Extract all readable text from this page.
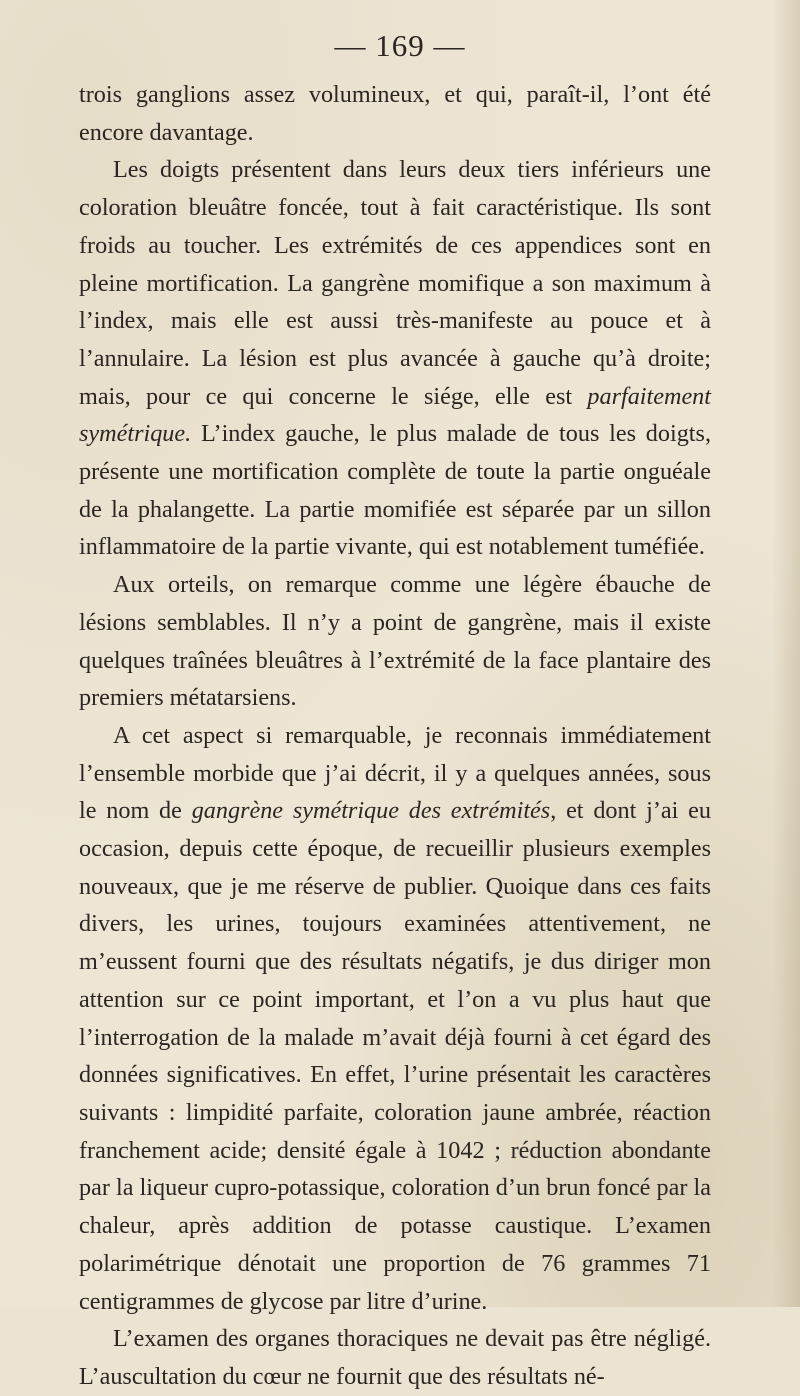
— 169 —

trois ganglions assez volumineux, et qui, paraît-il, l’ont été encore davantage.

Les doigts présentent dans leurs deux tiers inférieurs une coloration bleuâtre foncée, tout à fait caractéristique. Ils sont froids au toucher. Les extrémités de ces appendices sont en pleine mortification. La gangrène momifique a son maximum à l’index, mais elle est aussi très-manifeste au pouce et à l’annulaire. La lésion est plus avancée à gauche qu’à droite; mais, pour ce qui concerne le siége, elle est parfaitement symétrique. L’index gauche, le plus malade de tous les doigts, présente une mortification complète de toute la partie onguéale de la phalangette. La partie momifiée est séparée par un sillon inflammatoire de la partie vivante, qui est notablement tuméfiée.

Aux orteils, on remarque comme une légère ébauche de lésions semblables. Il n’y a point de gangrène, mais il existe quelques traînées bleuâtres à l’extrémité de la face plantaire des premiers métatarsiens.

A cet aspect si remarquable, je reconnais immédiatement l’ensemble morbide que j’ai décrit, il y a quelques années, sous le nom de gangrène symétrique des extrémités, et dont j’ai eu occasion, depuis cette époque, de recueillir plusieurs exemples nouveaux, que je me réserve de publier. Quoique dans ces faits divers, les urines, toujours examinées attentivement, ne m’eussent fourni que des résultats négatifs, je dus diriger mon attention sur ce point important, et l’on a vu plus haut que l’interrogation de la malade m’avait déjà fourni à cet égard des données significatives. En effet, l’urine présentait les caractères suivants : limpidité parfaite, coloration jaune ambrée, réaction franchement acide; densité égale à 1042 ; réduction abondante par la liqueur cupro-potassique, coloration d’un brun foncé par la chaleur, après addition de potasse caustique. L’examen polarimétrique dénotait une proportion de 76 grammes 71 centigrammes de glycose par litre d’urine.

L’examen des organes thoraciques ne devait pas être négligé. L’auscultation du cœur ne fournit que des résultats né-
